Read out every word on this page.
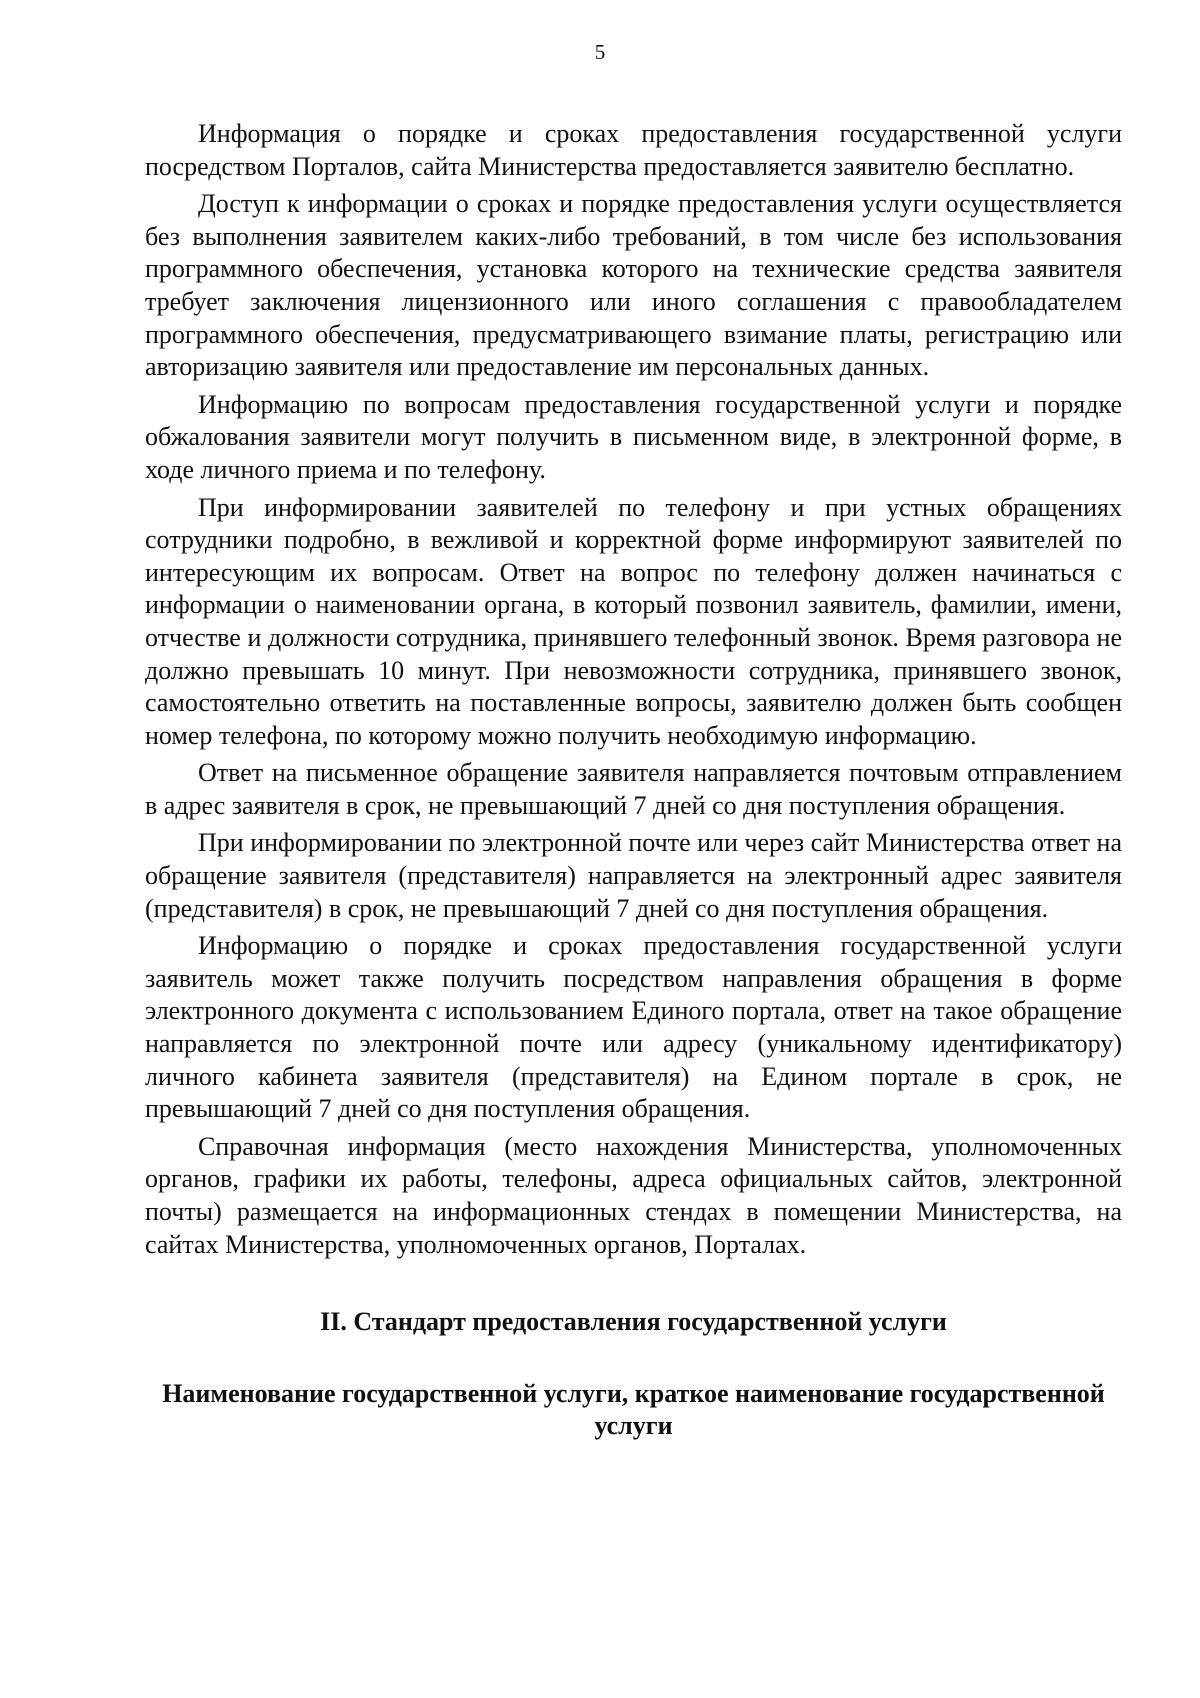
5

Информация о порядке и сроках предоставления государственной услуги посредством Порталов, сайта Министерства предоставляется заявителю бесплатно.

Доступ к информации о сроках и порядке предоставления услуги осуществляется без выполнения заявителем каких-либо требований, в том числе без использования программного обеспечения, установка которого на технические средства заявителя требует заключения лицензионного или иного соглашения с правообладателем программного обеспечения, предусматривающего взимание платы, регистрацию или авторизацию заявителя или предоставление им персональных данных.

Информацию по вопросам предоставления государственной услуги и порядке обжалования заявители могут получить в письменном виде, в электронной форме, в ходе личного приема и по телефону.

При информировании заявителей по телефону и при устных обращениях сотрудники подробно, в вежливой и корректной форме информируют заявителей по интересующим их вопросам. Ответ на вопрос по телефону должен начинаться с информации о наименовании органа, в который позвонил заявитель, фамилии, имени, отчестве и должности сотрудника, принявшего телефонный звонок. Время разговора не должно превышать 10 минут. При невозможности сотрудника, принявшего звонок, самостоятельно ответить на поставленные вопросы, заявителю должен быть сообщен номер телефона, по которому можно получить необходимую информацию.

Ответ на письменное обращение заявителя направляется почтовым отправлением в адрес заявителя в срок, не превышающий 7 дней со дня поступления обращения.

При информировании по электронной почте или через сайт Министерства ответ на обращение заявителя (представителя) направляется на электронный адрес заявителя (представителя) в срок, не превышающий 7 дней со дня поступления обращения.

Информацию о порядке и сроках предоставления государственной услуги заявитель может также получить посредством направления обращения в форме электронного документа с использованием Единого портала, ответ на такое обращение направляется по электронной почте или адресу (уникальному идентификатору) личного кабинета заявителя (представителя) на Едином портале в срок, не превышающий 7 дней со дня поступления обращения.

Справочная информация (место нахождения Министерства, уполномоченных органов, графики их работы, телефоны, адреса официальных сайтов, электронной почты) размещается на информационных стендах в помещении Министерства, на сайтах Министерства, уполномоченных органов, Порталах.

II. Стандарт предоставления государственной услуги
Наименование государственной услуги, краткое наименование государственной услуги
